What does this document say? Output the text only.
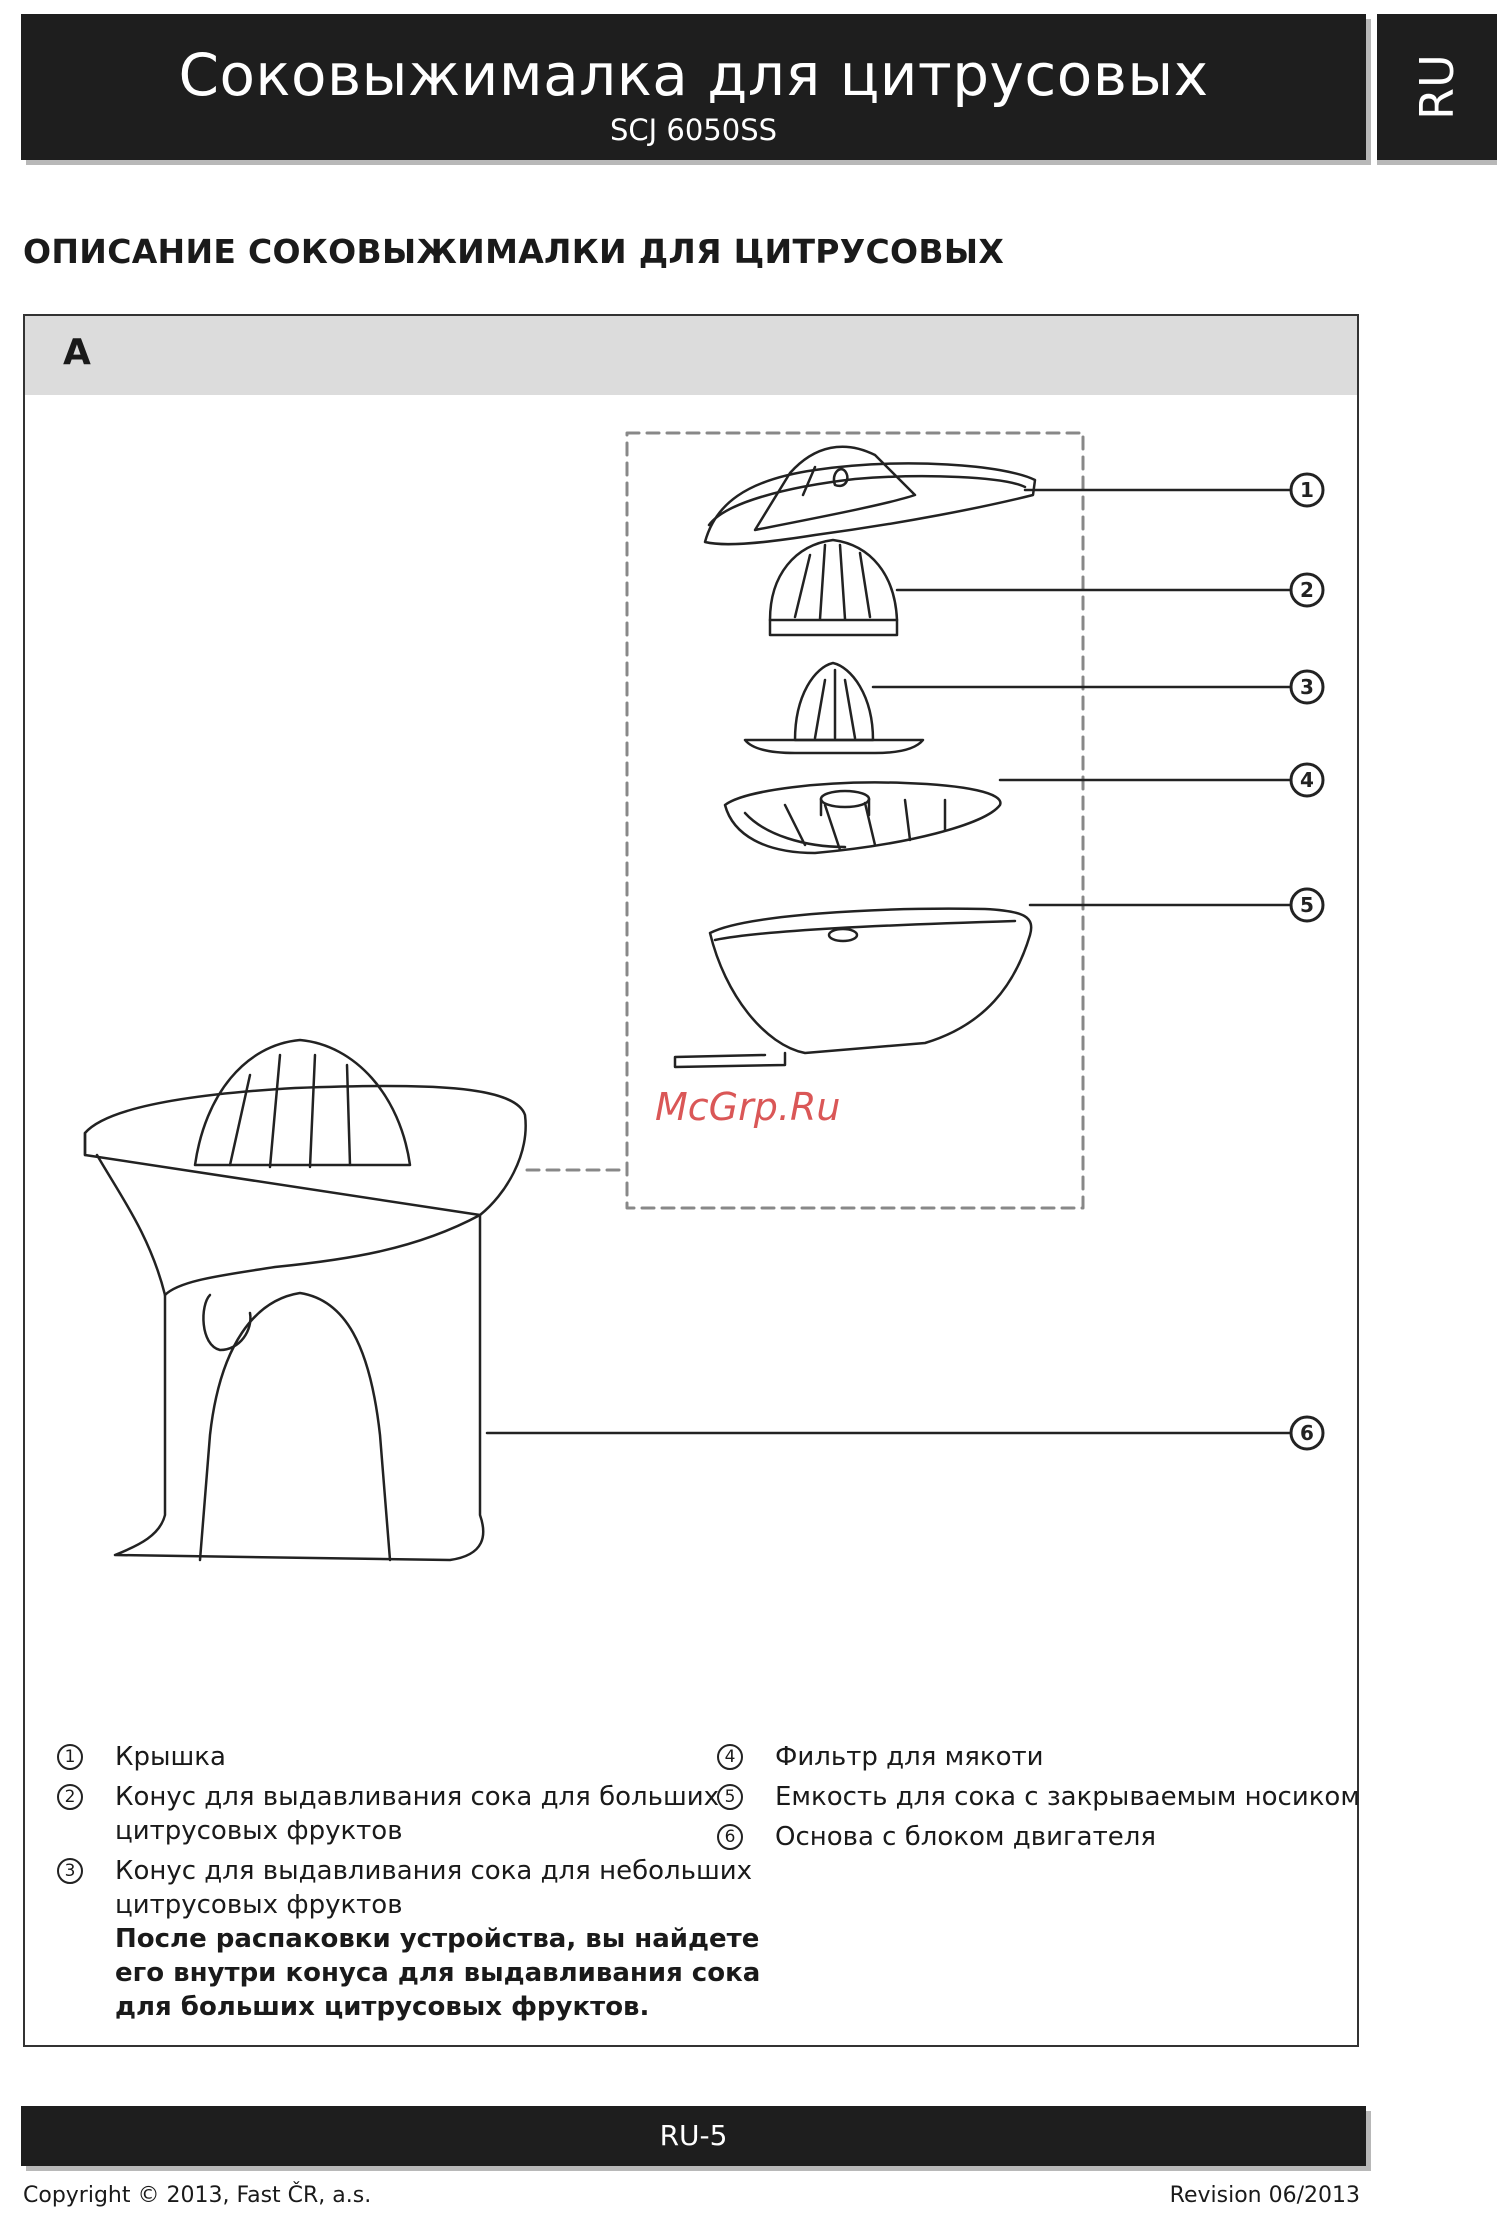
Соковыжималка для цитрусовых
SCJ 6050SS
RU
ОПИСАНИЕ СОКОВЫЖИМАЛКИ ДЛЯ ЦИТРУСОВЫХ
A
1
2
3
4
5
6
1 Крышка
2 Конус для выдавливания сока для больших
цитрусовых фруктов
3 Конус для выдавливания сока для небольших
цитрусовых фруктов
После распаковки устройства, вы найдете
его внутри конуса для выдавливания сока
для больших цитрусовых фруктов.
4 Фильтр для мякоти
5 Емкость для сока с закрываемым носиком
6 Основа с блоком двигателя
McGrp.Ru
RU-5
Copyright © 2013, Fast ČR, a.s.	Revision 06/2013
